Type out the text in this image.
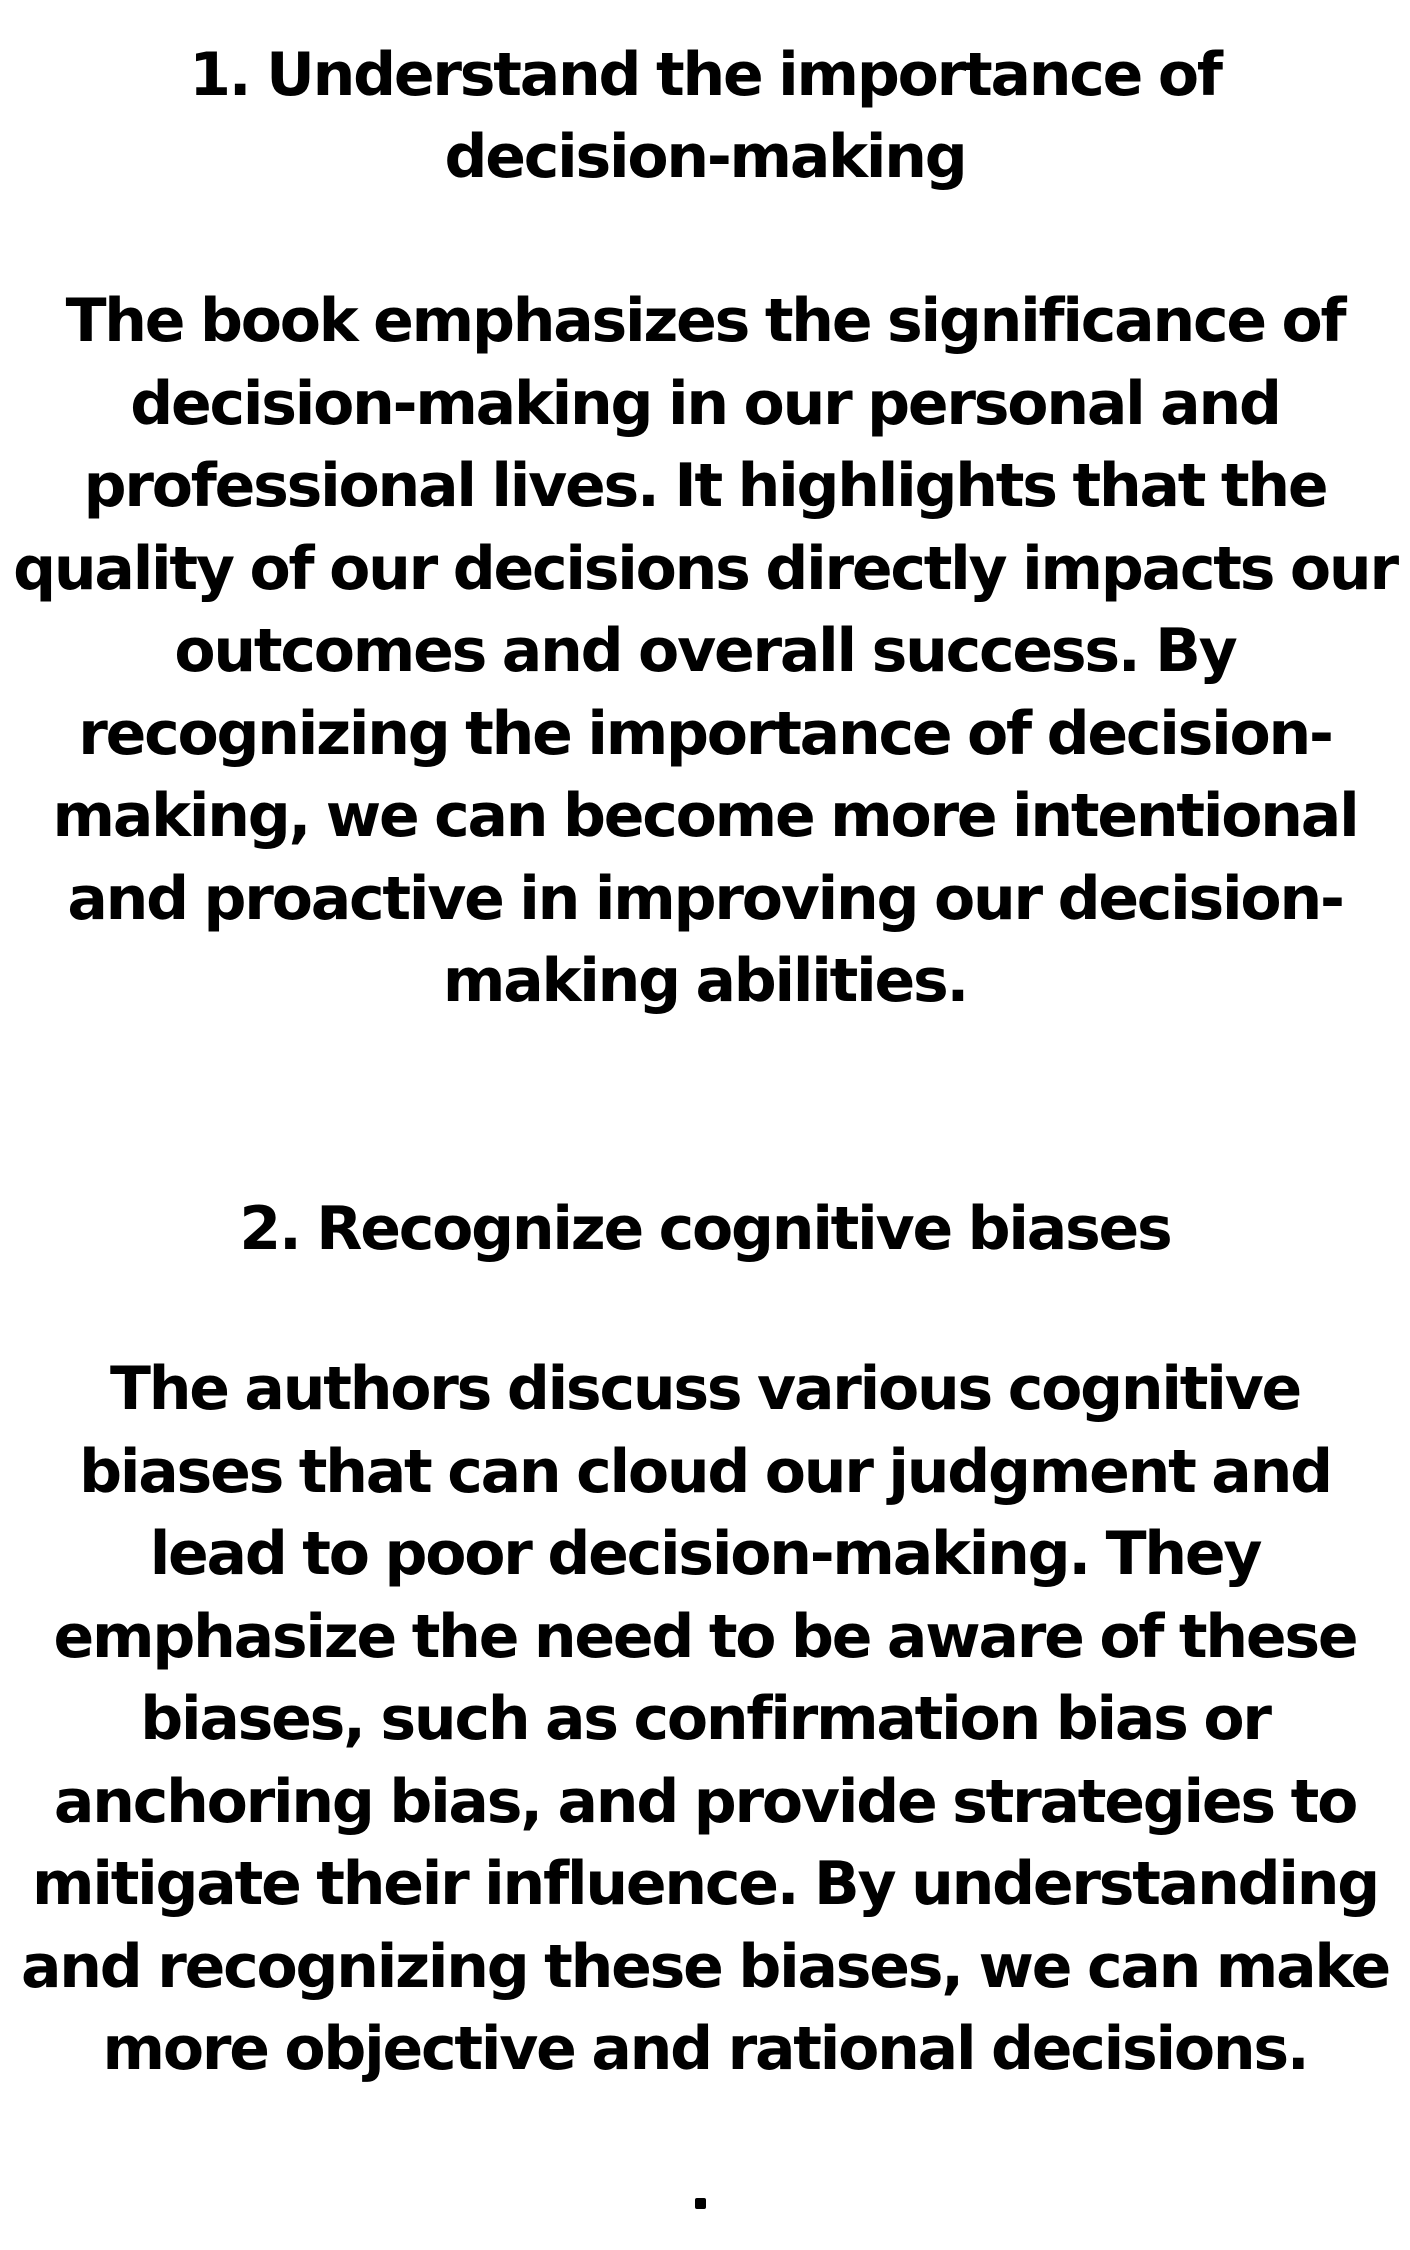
1. Understand the importance of decision-making

The book emphasizes the significance of decision-making in our personal and professional lives. It highlights that the quality of our decisions directly impacts our outcomes and overall success. By recognizing the importance of decision-making, we can become more intentional and proactive in improving our decision-making abilities.

2. Recognize cognitive biases

The authors discuss various cognitive biases that can cloud our judgment and lead to poor decision-making. They emphasize the need to be aware of these biases, such as confirmation bias or anchoring bias, and provide strategies to mitigate their influence. By understanding and recognizing these biases, we can make more objective and rational decisions.
